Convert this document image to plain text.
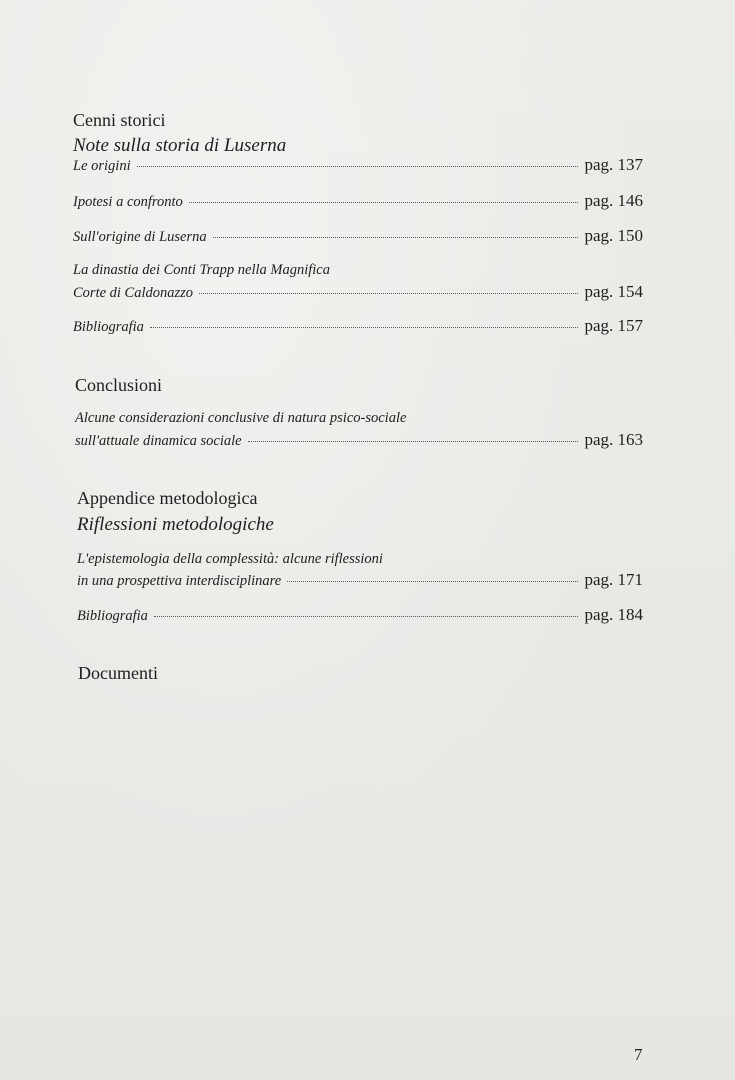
Cenni storici
Note sulla storia di Luserna
Le origini	pag. 137
Ipotesi a confronto	pag. 146
Sull'origine di Luserna	pag. 150
La dinastia dei Conti Trapp nella Magnifica
Corte di Caldonazzo	pag. 154
Bibliografia	pag. 157
Conclusioni
Alcune considerazioni conclusive di natura psico-sociale
sull'attuale dinamica sociale	pag. 163
Appendice metodologica
Riflessioni metodologiche
L'epistemologia della complessità: alcune riflessioni
in una prospettiva interdisciplinare	pag. 171
Bibliografia	pag. 184
Documenti
7
